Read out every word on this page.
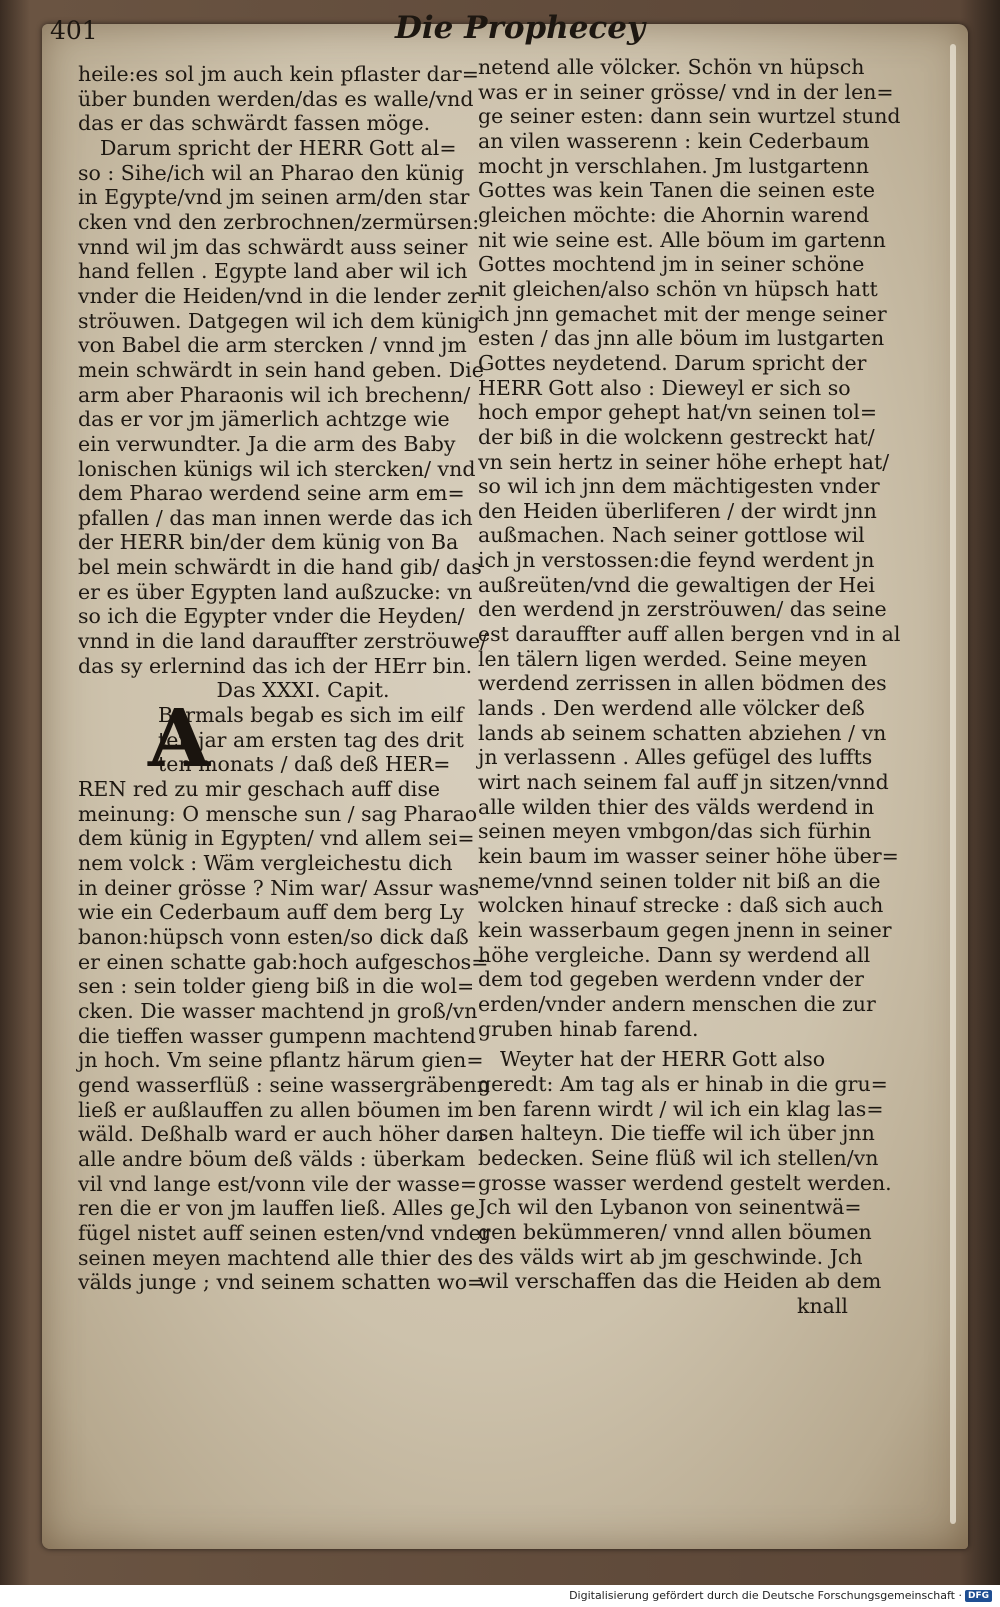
401	Die Prophecey
heile:es sol jm auch kein pflaster dar=
über bunden werden/das es walle/vnd
das er das schwärdt fassen möge.
Darum spricht der HERR Gott al=
so : Sihe/ich wil an Pharao den künig
in Egypte/vnd jm seinen arm/den star
cken vnd den zerbrochnen/zermürsen:
vnnd wil jm das schwärdt auss seiner
hand fellen . Egypte land aber wil ich
vnder die Heiden/vnd in die lender zer
ströuwen. Datgegen wil ich dem künig
von Babel die arm stercken / vnnd jm
mein schwärdt in sein hand geben. Die
arm aber Pharaonis wil ich brechenn/
das er vor jm jämerlich achtzge wie
ein verwundter. Ja die arm des Baby
lonischen künigs wil ich stercken/ vnd
dem Pharao werdend seine arm em=
pfallen / das man innen werde das ich
der HERR bin/der dem künig von Ba
bel mein schwärdt in die hand gib/ das
er es über Egypten land außzucke: vn
so ich die Egypter vnder die Heyden/
vnnd in die land darauffter zerströuwe/
das sy erlernind das ich der HErr bin.
Das XXXI. Capit.
A
Bermals begab es sich im eilf
ten jar am ersten tag des drit
ten monats / daß deß HER=
REN red zu mir geschach auff dise
meinung: O mensche sun / sag Pharao
dem künig in Egypten/ vnd allem sei=
nem volck : Wäm vergleichestu dich
in deiner grösse ? Nim war/ Assur was
wie ein Cederbaum auff dem berg Ly
banon:hüpsch vonn esten/so dick daß
er einen schatte gab:hoch aufgeschos=
sen : sein tolder gieng biß in die wol=
cken. Die wasser machtend jn groß/vn
die tieffen wasser gumpenn machtend
jn hoch. Vm seine pflantz härum gien=
gend wasserflüß : seine wassergräbenn
ließ er außlauffen zu allen böumen im
wäld. Deßhalb ward er auch höher dan
alle andre böum deß välds : überkam
vil vnd lange est/vonn vile der wasse=
ren die er von jm lauffen ließ. Alles ge
fügel nistet auff seinen esten/vnd vnder
seinen meyen machtend alle thier des
välds junge ; vnd seinem schatten wo=
netend alle völcker. Schön vn hüpsch
was er in seiner grösse/ vnd in der len=
ge seiner esten: dann sein wurtzel stund
an vilen wasserenn : kein Cederbaum
mocht jn verschlahen. Jm lustgartenn
Gottes was kein Tanen die seinen este
gleichen möchte: die Ahornin warend
nit wie seine est. Alle böum im gartenn
Gottes mochtend jm in seiner schöne
nit gleichen/also schön vn hüpsch hatt
ich jnn gemachet mit der menge seiner
esten / das jnn alle böum im lustgarten
Gottes neydetend. Darum spricht der
HERR Gott also : Dieweyl er sich so
hoch empor gehept hat/vn seinen tol=
der biß in die wolckenn gestreckt hat/
vn sein hertz in seiner höhe erhept hat/
so wil ich jnn dem mächtigesten vnder
den Heiden überliferen / der wirdt jnn
außmachen. Nach seiner gottlose wil
ich jn verstossen:die feynd werdent jn
außreüten/vnd die gewaltigen der Hei
den werdend jn zerströuwen/ das seine
est darauffter auff allen bergen vnd in al
len tälern ligen werded. Seine meyen
werdend zerrissen in allen bödmen des
lands . Den werdend alle völcker deß
lands ab seinem schatten abziehen / vn
jn verlassenn . Alles gefügel des luffts
wirt nach seinem fal auff jn sitzen/vnnd
alle wilden thier des välds werdend in
seinen meyen vmbgon/das sich fürhin
kein baum im wasser seiner höhe über=
neme/vnnd seinen tolder nit biß an die
wolcken hinauf strecke : daß sich auch
kein wasserbaum gegen jnenn in seiner
höhe vergleiche. Dann sy werdend all
dem tod gegeben werdenn vnder der
erden/vnder andern menschen die zur
gruben hinab farend.
Weyter hat der HERR Gott also
geredt: Am tag als er hinab in die gru=
ben farenn wirdt / wil ich ein klag las=
sen halteyn. Die tieffe wil ich über jnn
bedecken. Seine flüß wil ich stellen/vn
grosse wasser werdend gestelt werden.
Jch wil den Lybanon von seinentwä=
gen bekümmeren/ vnnd allen böumen
des välds wirt ab jm geschwinde. Jch
wil verschaffen das die Heiden ab dem
knall
Digitalisierung gefördert durch die Deutsche Forschungsgemeinschaft · DFG
